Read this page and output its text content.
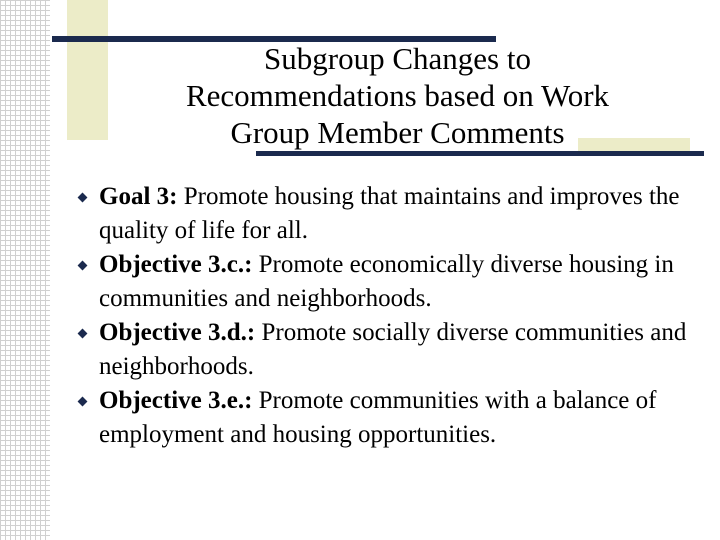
Subgroup Changes to
Recommendations based on Work
Group Member Comments
Goal 3: Promote housing that maintains and improves the quality of life for all.
Objective 3.c.: Promote economically diverse housing in communities and neighborhoods.
Objective 3.d.: Promote socially diverse communities and neighborhoods.
Objective 3.e.: Promote communities with a balance of employment and housing opportunities.
